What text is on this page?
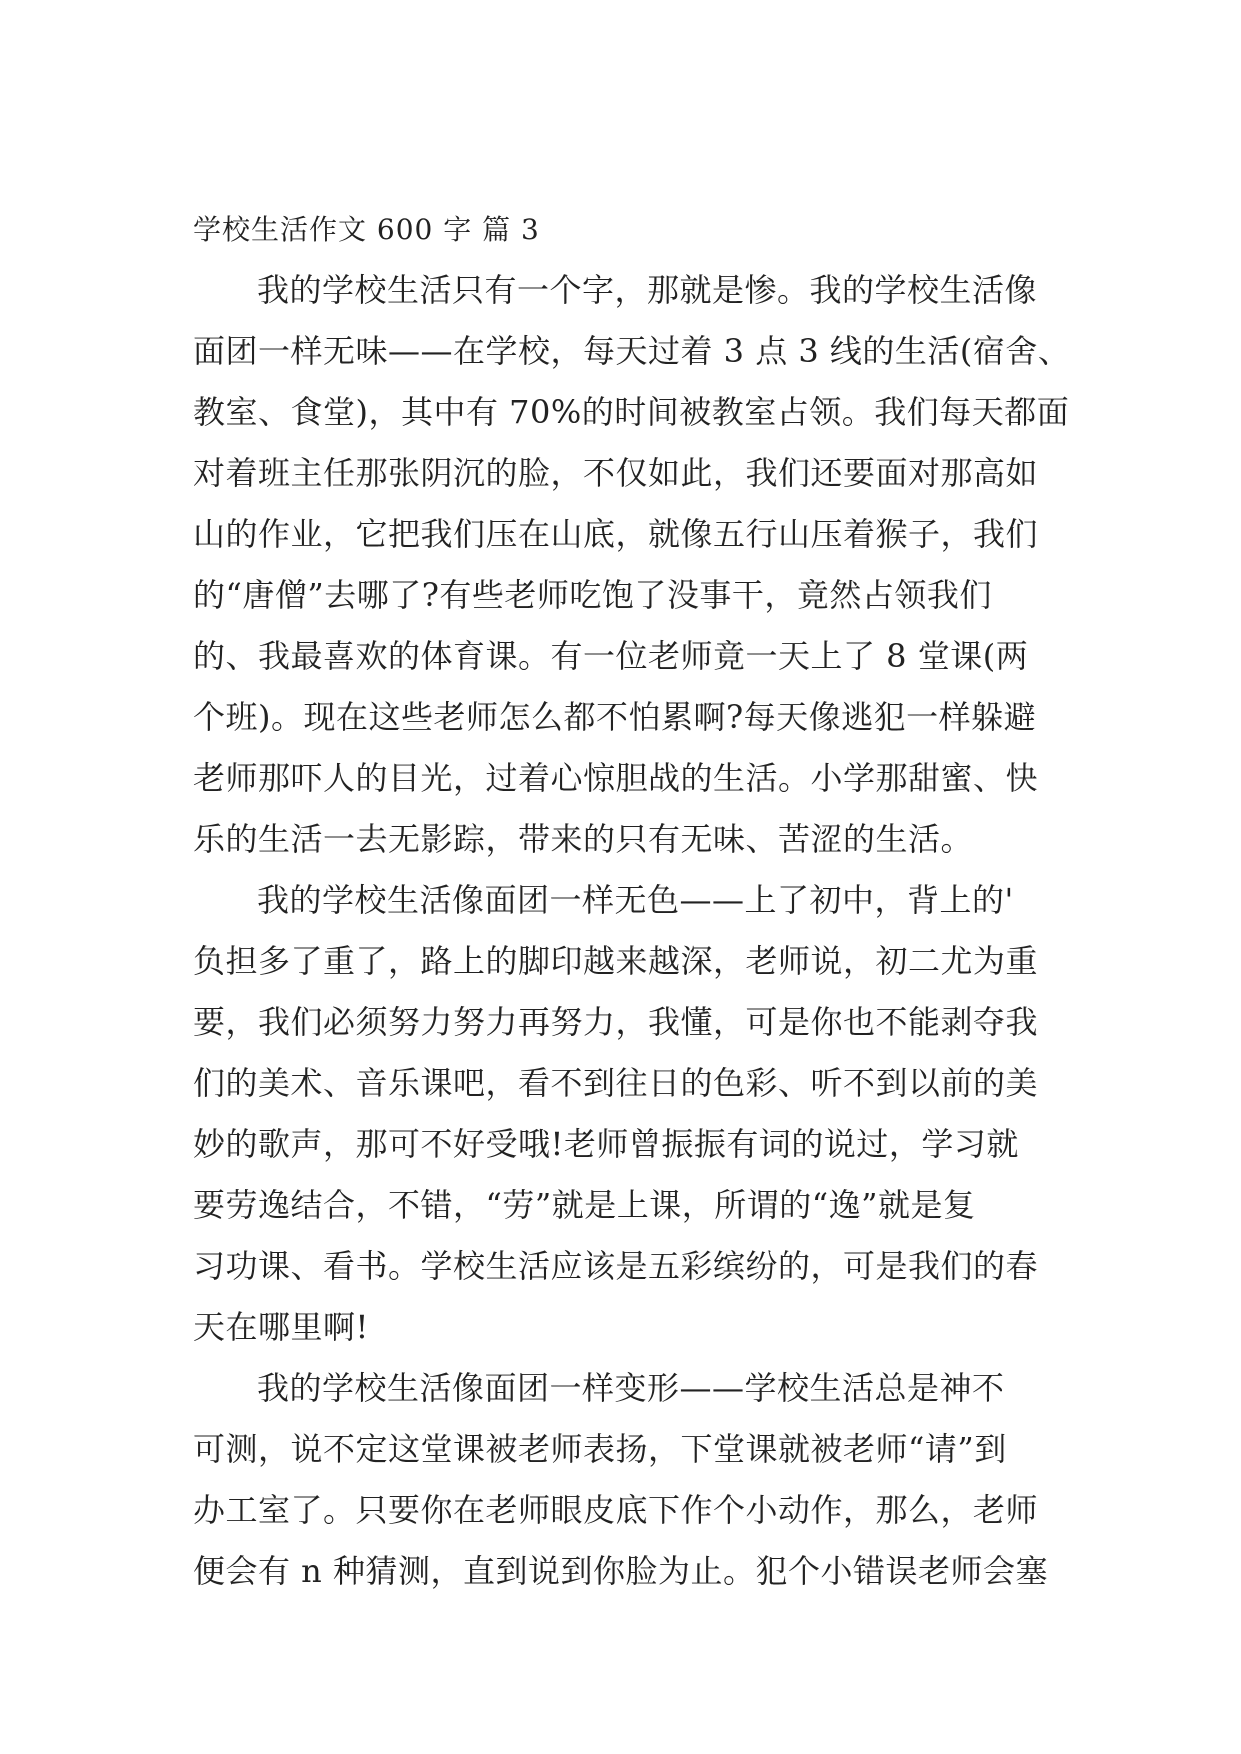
学校生活作文 600 字 篇 3

我的学校生活只有一个字，那就是惨。我的学校生活像
面团一样无味——在学校，每天过着 3 点 3 线的生活(宿舍、
教室、食堂)，其中有 70%的时间被教室占领。我们每天都面
对着班主任那张阴沉的脸，不仅如此，我们还要面对那高如
山的作业，它把我们压在山底，就像五行山压着猴子，我们
的“唐僧”去哪了?有些老师吃饱了没事干，竟然占领我们
的、我最喜欢的体育课。有一位老师竟一天上了 8 堂课(两
个班)。现在这些老师怎么都不怕累啊?每天像逃犯一样躲避
老师那吓人的目光，过着心惊胆战的生活。小学那甜蜜、快
乐的生活一去无影踪，带来的只有无味、苦涩的生活。

我的学校生活像面团一样无色——上了初中，背上的'
负担多了重了，路上的脚印越来越深，老师说，初二尤为重
要，我们必须努力努力再努力，我懂，可是你也不能剥夺我
们的美术、音乐课吧，看不到往日的色彩、听不到以前的美
妙的歌声，那可不好受哦!老师曾振振有词的说过，学习就
要劳逸结合，不错，“劳”就是上课，所谓的“逸”就是复
习功课、看书。学校生活应该是五彩缤纷的，可是我们的春
天在哪里啊!

我的学校生活像面团一样变形——学校生活总是神不
可测，说不定这堂课被老师表扬，下堂课就被老师“请”到
办工室了。只要你在老师眼皮底下作个小动作，那么，老师
便会有 n 种猜测，直到说到你脸为止。犯个小错误老师会塞
